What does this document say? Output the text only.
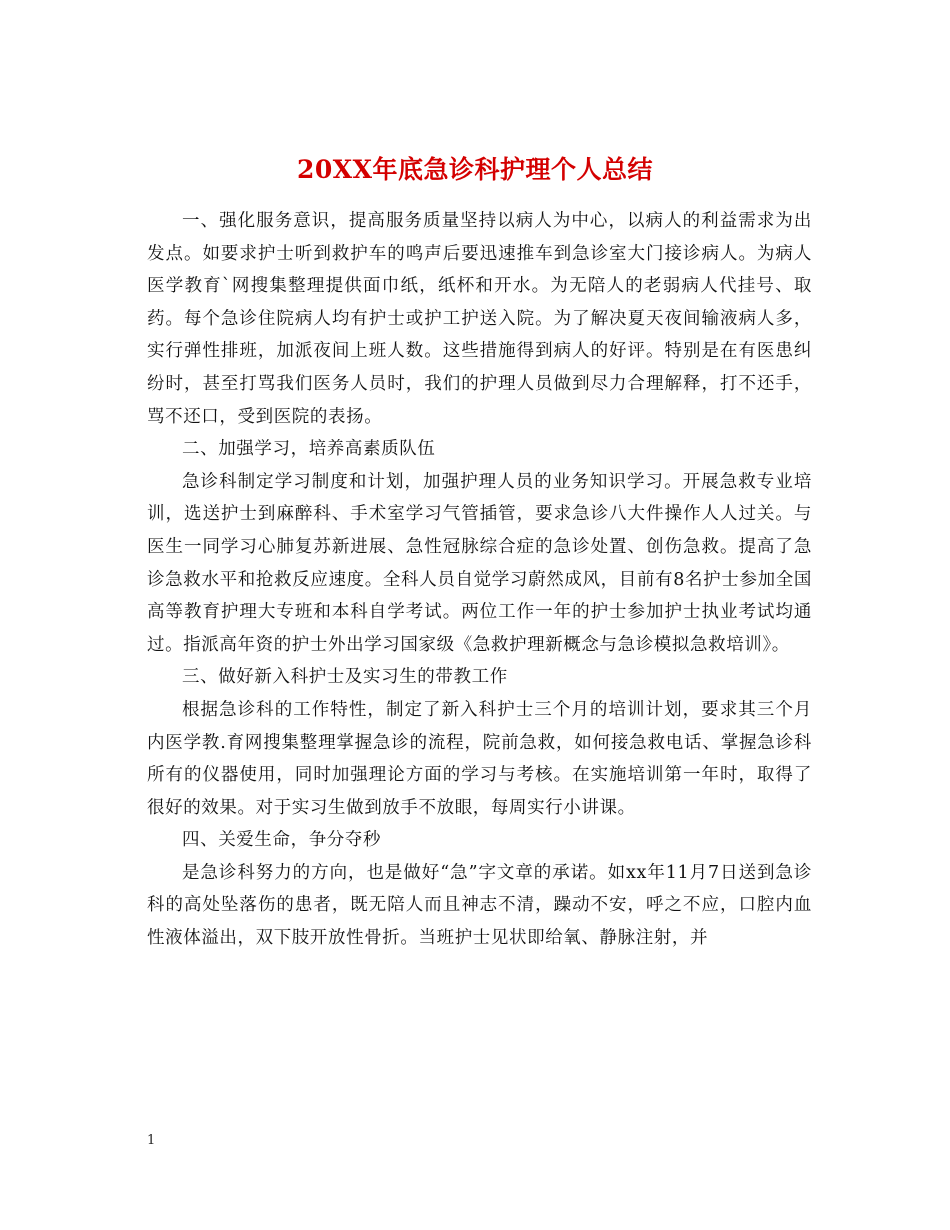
20XX年底急诊科护理个人总结

一、强化服务意识，提高服务质量坚持以病人为中心，以病人的利益需求为出发点。如要求护士听到救护车的鸣声后要迅速推车到急诊室大门接诊病人。为病人医学教育`网搜集整理提供面巾纸，纸杯和开水。为无陪人的老弱病人代挂号、取药。每个急诊住院病人均有护士或护工护送入院。为了解决夏天夜间输液病人多，实行弹性排班，加派夜间上班人数。这些措施得到病人的好评。特别是在有医患纠纷时，甚至打骂我们医务人员时，我们的护理人员做到尽力合理解释，打不还手，骂不还口，受到医院的表扬。

二、加强学习，培养高素质队伍

急诊科制定学习制度和计划，加强护理人员的业务知识学习。开展急救专业培训，选送护士到麻醉科、手术室学习气管插管，要求急诊八大件操作人人过关。与医生一同学习心肺复苏新进展、急性冠脉综合症的急诊处置、创伤急救。提高了急诊急救水平和抢救反应速度。全科人员自觉学习蔚然成风，目前有8名护士参加全国高等教育护理大专班和本科自学考试。两位工作一年的护士参加护士执业考试均通过。指派高年资的护士外出学习国家级《急救护理新概念与急诊模拟急救培训》。

三、做好新入科护士及实习生的带教工作

根据急诊科的工作特性，制定了新入科护士三个月的培训计划，要求其三个月内医学教.育网搜集整理掌握急诊的流程，院前急救，如何接急救电话、掌握急诊科所有的仪器使用，同时加强理论方面的学习与考核。在实施培训第一年时，取得了很好的效果。对于实习生做到放手不放眼，每周实行小讲课。

四、关爱生命，争分夺秒

是急诊科努力的方向，也是做好“急”字文章的承诺。如xx年11月7日送到急诊科的高处坠落伤的患者，既无陪人而且神志不清，躁动不安，呼之不应，口腔内血性液体溢出，双下肢开放性骨折。当班护士见状即给氧、静脉注射，并

1
